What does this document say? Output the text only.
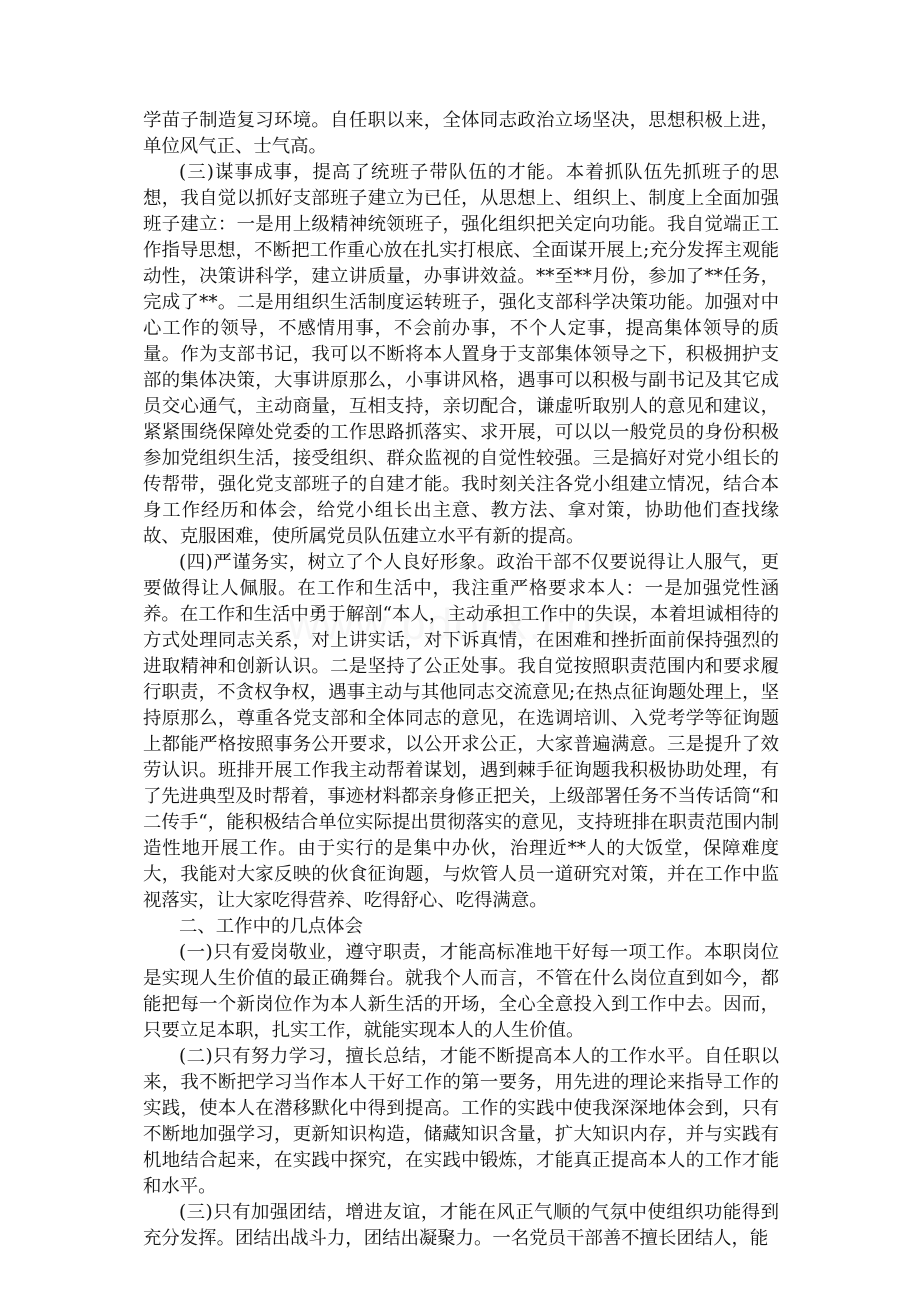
学苗子制造复习环境。自任职以来，全体同志政治立场坚决，思想积极上进，单位风气正、士气高。

(三)谋事成事，提高了统班子带队伍的才能。本着抓队伍先抓班子的思想，我自觉以抓好支部班子建立为已任，从思想上、组织上、制度上全面加强班子建立：一是用上级精神统领班子，强化组织把关定向功能。我自觉端正工作指导思想，不断把工作重心放在扎实打根底、全面谋开展上;充分发挥主观能动性，决策讲科学，建立讲质量，办事讲效益。**至**月份，参加了**任务，完成了**。二是用组织生活制度运转班子，强化支部科学决策功能。加强对中心工作的领导，不感情用事，不会前办事，不个人定事，提高集体领导的质量。作为支部书记，我可以不断将本人置身于支部集体领导之下，积极拥护支部的集体决策，大事讲原那么，小事讲风格，遇事可以积极与副书记及其它成员交心通气，主动商量，互相支持，亲切配合，谦虚听取别人的意见和建议，紧紧围绕保障处党委的工作思路抓落实、求开展，可以以一般党员的身份积极参加党组织生活，接受组织、群众监视的自觉性较强。三是搞好对党小组长的传帮带，强化党支部班子的自建才能。我时刻关注各党小组建立情况，结合本身工作经历和体会，给党小组长出主意、教方法、拿对策，协助他们查找缘故、克服困难，使所属党员队伍建立水平有新的提高。

(四)严谨务实，树立了个人良好形象。政治干部不仅要说得让人服气，更要做得让人佩服。在工作和生活中，我注重严格要求本人：一是加强党性涵养。在工作和生活中勇于解剖“本人，主动承担工作中的失误，本着坦诚相待的方式处理同志关系，对上讲实话，对下诉真情，在困难和挫折面前保持强烈的进取精神和创新认识。二是坚持了公正处事。我自觉按照职责范围内和要求履行职责，不贪权争权，遇事主动与其他同志交流意见;在热点征询题处理上，坚持原那么，尊重各党支部和全体同志的意见，在选调培训、入党考学等征询题上都能严格按照事务公开要求，以公开求公正，大家普遍满意。三是提升了效劳认识。班排开展工作我主动帮着谋划，遇到棘手征询题我积极协助处理，有了先进典型及时帮着，事迹材料都亲身修正把关，上级部署任务不当传话筒“和二传手“，能积极结合单位实际提出贯彻落实的意见，支持班排在职责范围内制造性地开展工作。由于实行的是集中办伙，治理近**人的大饭堂，保障难度大，我能对大家反映的伙食征询题，与炊管人员一道研究对策，并在工作中监视落实，让大家吃得营养、吃得舒心、吃得满意。

二、工作中的几点体会

(一)只有爱岗敬业，遵守职责，才能高标准地干好每一项工作。本职岗位是实现人生价值的最正确舞台。就我个人而言，不管在什么岗位直到如今，都能把每一个新岗位作为本人新生活的开场，全心全意投入到工作中去。因而，只要立足本职，扎实工作，就能实现本人的人生价值。

(二)只有努力学习，擅长总结，才能不断提高本人的工作水平。自任职以来，我不断把学习当作本人干好工作的第一要务，用先进的理论来指导工作的实践，使本人在潜移默化中得到提高。工作的实践中使我深深地体会到，只有不断地加强学习，更新知识构造，储藏知识含量，扩大知识内存，并与实践有机地结合起来，在实践中探究，在实践中锻炼，才能真正提高本人的工作才能和水平。

(三)只有加强团结，增进友谊，才能在风正气顺的气氛中使组织功能得到充分发挥。团结出战斗力，团结出凝聚力。一名党员干部善不擅长团结人，能
